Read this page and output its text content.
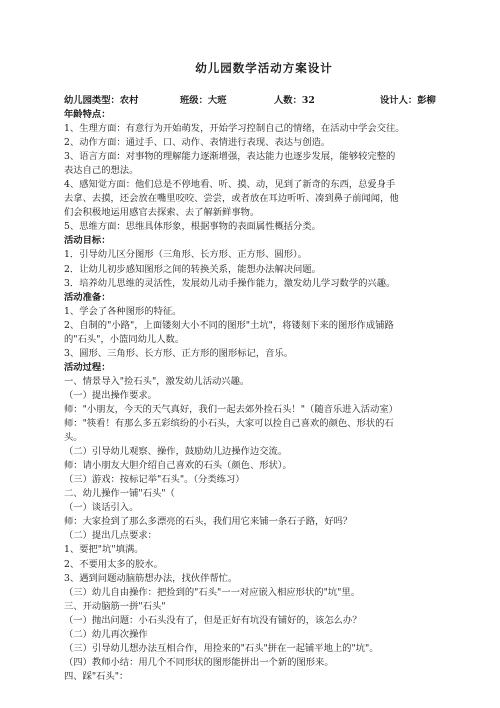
幼儿园数学活动方案设计
幼儿园类型：农村	班级：大班	人数：32	设计人：彭柳
年龄特点：
1、生理方面：有意行为开始萌发，开始学习控制自己的情绪，在活动中学会交往。
2、动作方面：通过手、口、动作、表情进行表现、表达与创造。
3、语言方面：对事物的理解能力逐渐增强，表达能力也逐步发展，能够较完整的
表达自己的想法。
4、感知觉方面：他们总是不停地看、听、摸、动，见到了新奇的东西，总爱身手
去拿、去摸，还会放在嘴里咬咬、尝尝，或者放在耳边听听、凑到鼻子前闻闻，他
们会积极地运用感官去探索、去了解新鲜事物。
5、思维方面：思维具体形象，根据事物的表面属性概括分类。
活动目标：
1．引导幼儿区分图形（三角形、长方形、正方形、圆形）。
2．让幼儿初步感知图形之间的转换关系，能想办法解决问题。
3．培养幼儿思维的灵活性，发展幼儿动手操作能力，激发幼儿学习数学的兴趣。
活动准备：
1、学会了各种图形的特征。
2、自制的"小路"，上面镂刻大小不同的图形"土坑"，将镂刻下来的图形作成铺路
的"石头"，小篮同幼儿人数。
3、圆形、三角形、长方形、正方形的图形标记，音乐。
活动过程：
一、情景导入"捡石头"，激发幼儿活动兴趣。
（一）提出操作要求。
师："小朋友，今天的天气真好，我们一起去郊外捡石头！"（随音乐进入活动室）
师："筷看！有那么多五彩缤纷的小石头，大家可以捡自己喜欢的颜色、形状的石
头。
（二）引导幼儿观察、操作，鼓励幼儿边操作边交流。
师：请小朋友大胆介绍自己喜欢的石头（颜色、形状）。
（三）游戏：按标记举"石头"。（分类练习）
二、幼儿操作一铺"石头"（
（一）谈话引入。
师：大家捡到了那么多漂亮的石头，我们用它来铺一条石子路，好吗？
（二）提出几点要求：
1、要把"坑"填满。
2、不要用太多的胶水。
3、遇到问题动脑筋想办法，找伙伴帮忙。
（三）幼儿自由操作：把捡到的"石头"一一对应嵌入相应形状的"坑"里。
三、开动脑筋一拼"石头"
（一）抛出问题：小石头没有了，但是正好有坑没有铺好的，该怎么办？
（二）幼儿再次操作
（三）引导幼儿想办法互相合作，用捡来的"石头"拼在一起铺平地上的"坑"。
（四）教师小结：用几个不同形状的图形能拼出一个新的图形来。
四、踩"石头"：
